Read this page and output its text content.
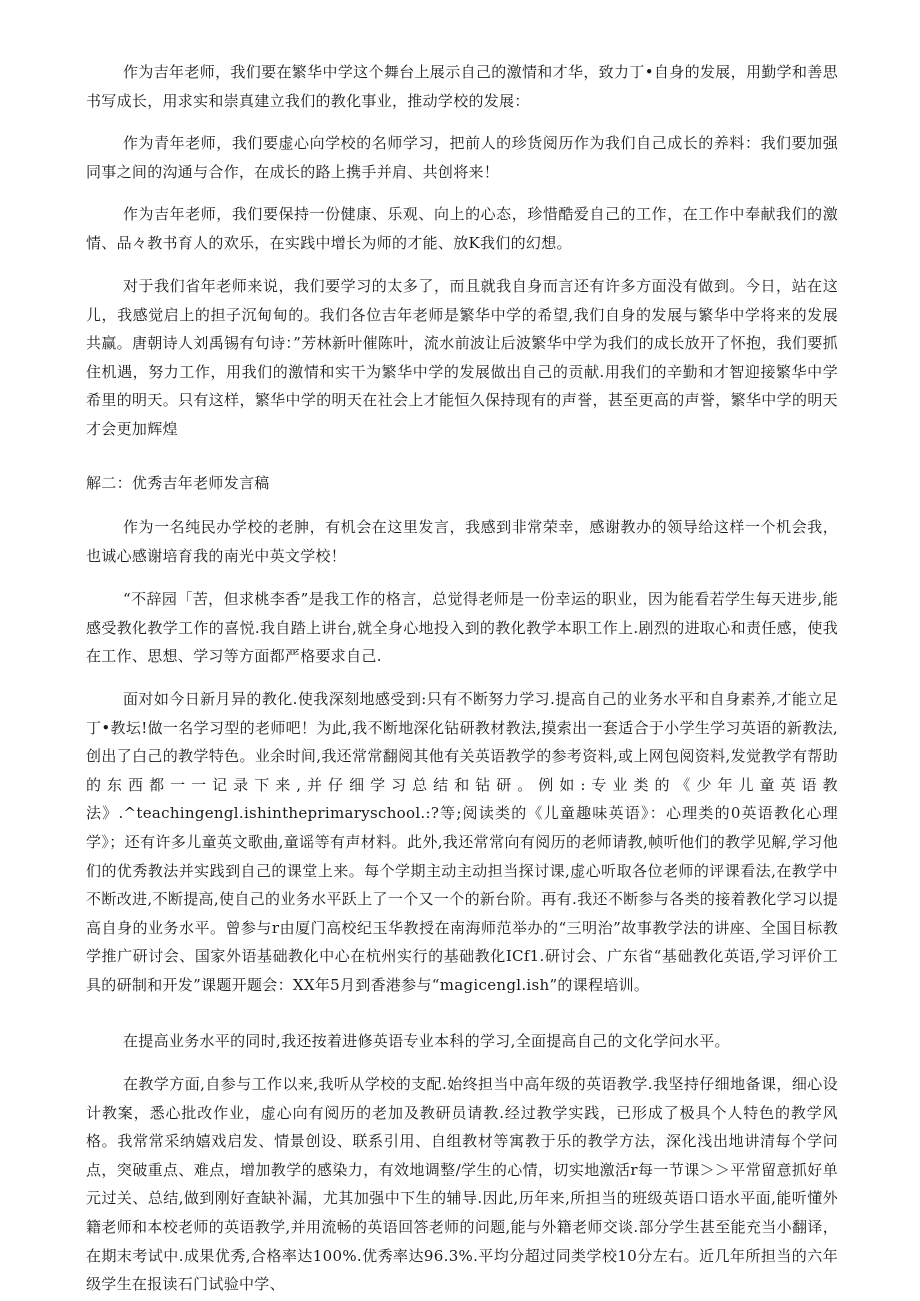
作为吉年老师，我们要在繁华中学这个舞台上展示自己的激情和才华，致力丁•自身的发展，用勤学和善思书写成长，用求实和崇真建立我们的教化事业，推动学校的发展：

作为青年老师，我们要虚心向学校的名师学习，把前人的珍货阅历作为我们自己成长的养料：我们要加强同事之间的沟通与合作，在成长的路上携手并肩、共创将来！

作为吉年老师，我们要保持一份健康、乐观、向上的心态，珍惜酷爱自己的工作，在工作中奉献我们的激情、品々教书育人的欢乐，在实践中增长为师的才能、放K我们的幻想。

对于我们省年老师来说，我们要学习的太多了，而且就我自身而言还有许多方面没有做到。今日，站在这儿，我感觉启上的担子沉甸甸的。我们各位吉年老师是繁华中学的希望,我们自身的发展与繁华中学将来的发展共赢。唐朝诗人刘禹锡有句诗：”芳林新叶催陈叶，流水前波让后波繁华中学为我们的成长放开了怀抱，我们要抓住机遇，努力工作，用我们的激情和实干为繁华中学的发展做出自己的贡献.用我们的辛勤和才智迎接繁华中学希里的明天。只有这样，繁华中学的明天在社会上才能恒久保持现有的声誉，甚至更高的声誉，繁华中学的明天才会更加辉煌

解二：优秀吉年老师发言稿

作为一名纯民办学校的老胂，有机会在这里发言，我感到非常荣幸，感谢教办的领导给这样一个机会我，也诚心感谢培育我的南光中英文学校！

“不辞园「苦，但求桃李香”是我工作的格言，总觉得老师是一份幸运的职业，因为能看若学生每天进步,能感受教化教学工作的喜悦.我自踏上讲台,就全身心地投入到的教化教学本职工作上.剧烈的进取心和责任感，使我在工作、思想、学习等方面都严格要求自己.

面对如今日新月异的教化.使我深刻地感受到:只有不断努力学习.提高自己的业务水平和自身素养,才能立足丁•教坛!做一名学习型的老师吧！为此,我不断地深化钻研教材教法,摸索出一套适合于小学生学习英语的新教法,创出了白己的教学特色。业余时间,我还常常翻阅其他有关英语教学的参考资料,或上网包阅资料,发觉教学有帮助的东西都一一记录下来,并仔细学习总结和钻研。例如:专业类的《少年儿童英语教法》.^teachingengl.ishintheprimaryschool.:?等;阅读类的《儿童趣味英语》：心理类的0英语教化心理学》；还有许多儿童英文歌曲,童谣等有声材料。此外,我还常常向有阅历的老师请教,帧听他们的教学见解,学习他们的优秀教法并实践到自己的课堂上来。每个学期主动主动担当探讨课,虚心听取各位老师的评课看法,在教学中不断改进,不断提高,使自己的业务水平跃上了一个又一个的新台阶。再有.我还不断参与各类的接着教化学习以提高自身的业务水平。曾参与r由厦门高校纪玉华教授在南海师范举办的“三明治”故事教学法的讲座、全国目标教学推广研讨会、国家外语基础教化中心在杭州实行的基础教化ICf1.研讨会、广东省“基础教化英语,学习评价工具的研制和开发”课题开题会：XX年5月到香港参与“magicengl.ish”的课程培训。

在提高业务水平的同时,我还按着进修英语专业本科的学习,全面提高自己的文化学问水平。

在教学方面,自参与工作以来,我听从学校的支配.始终担当中高年级的英语教学.我坚持仔细地备课，细心设计教案，悉心批改作业，虚心向有阅历的老加及教研员请教.经过教学实践，已形成了极具个人特色的教学风格。我常常采纳嬉戏启发、情景创设、联系引用、自组教材等寓教于乐的教学方法，深化浅出地讲清每个学问点，突破重点、难点，增加教学的感染力，有效地调整/学生的心情，切实地激活r每一节课＞＞平常留意抓好单元过关、总结,做到刚好查缺补漏，尤其加强中下生的辅导.因此,历年来,所担当的班级英语口语水平面,能听懂外籍老师和本校老师的英语教学,并用流畅的英语回答老师的问题,能与外籍老师交谈.部分学生甚至能充当小翻译，在期末考试中.成果优秀,合格率达100%.优秀率达96.3%.平均分超过同类学校10分左右。近几年所担当的六年级学生在报读石门试验中学、
